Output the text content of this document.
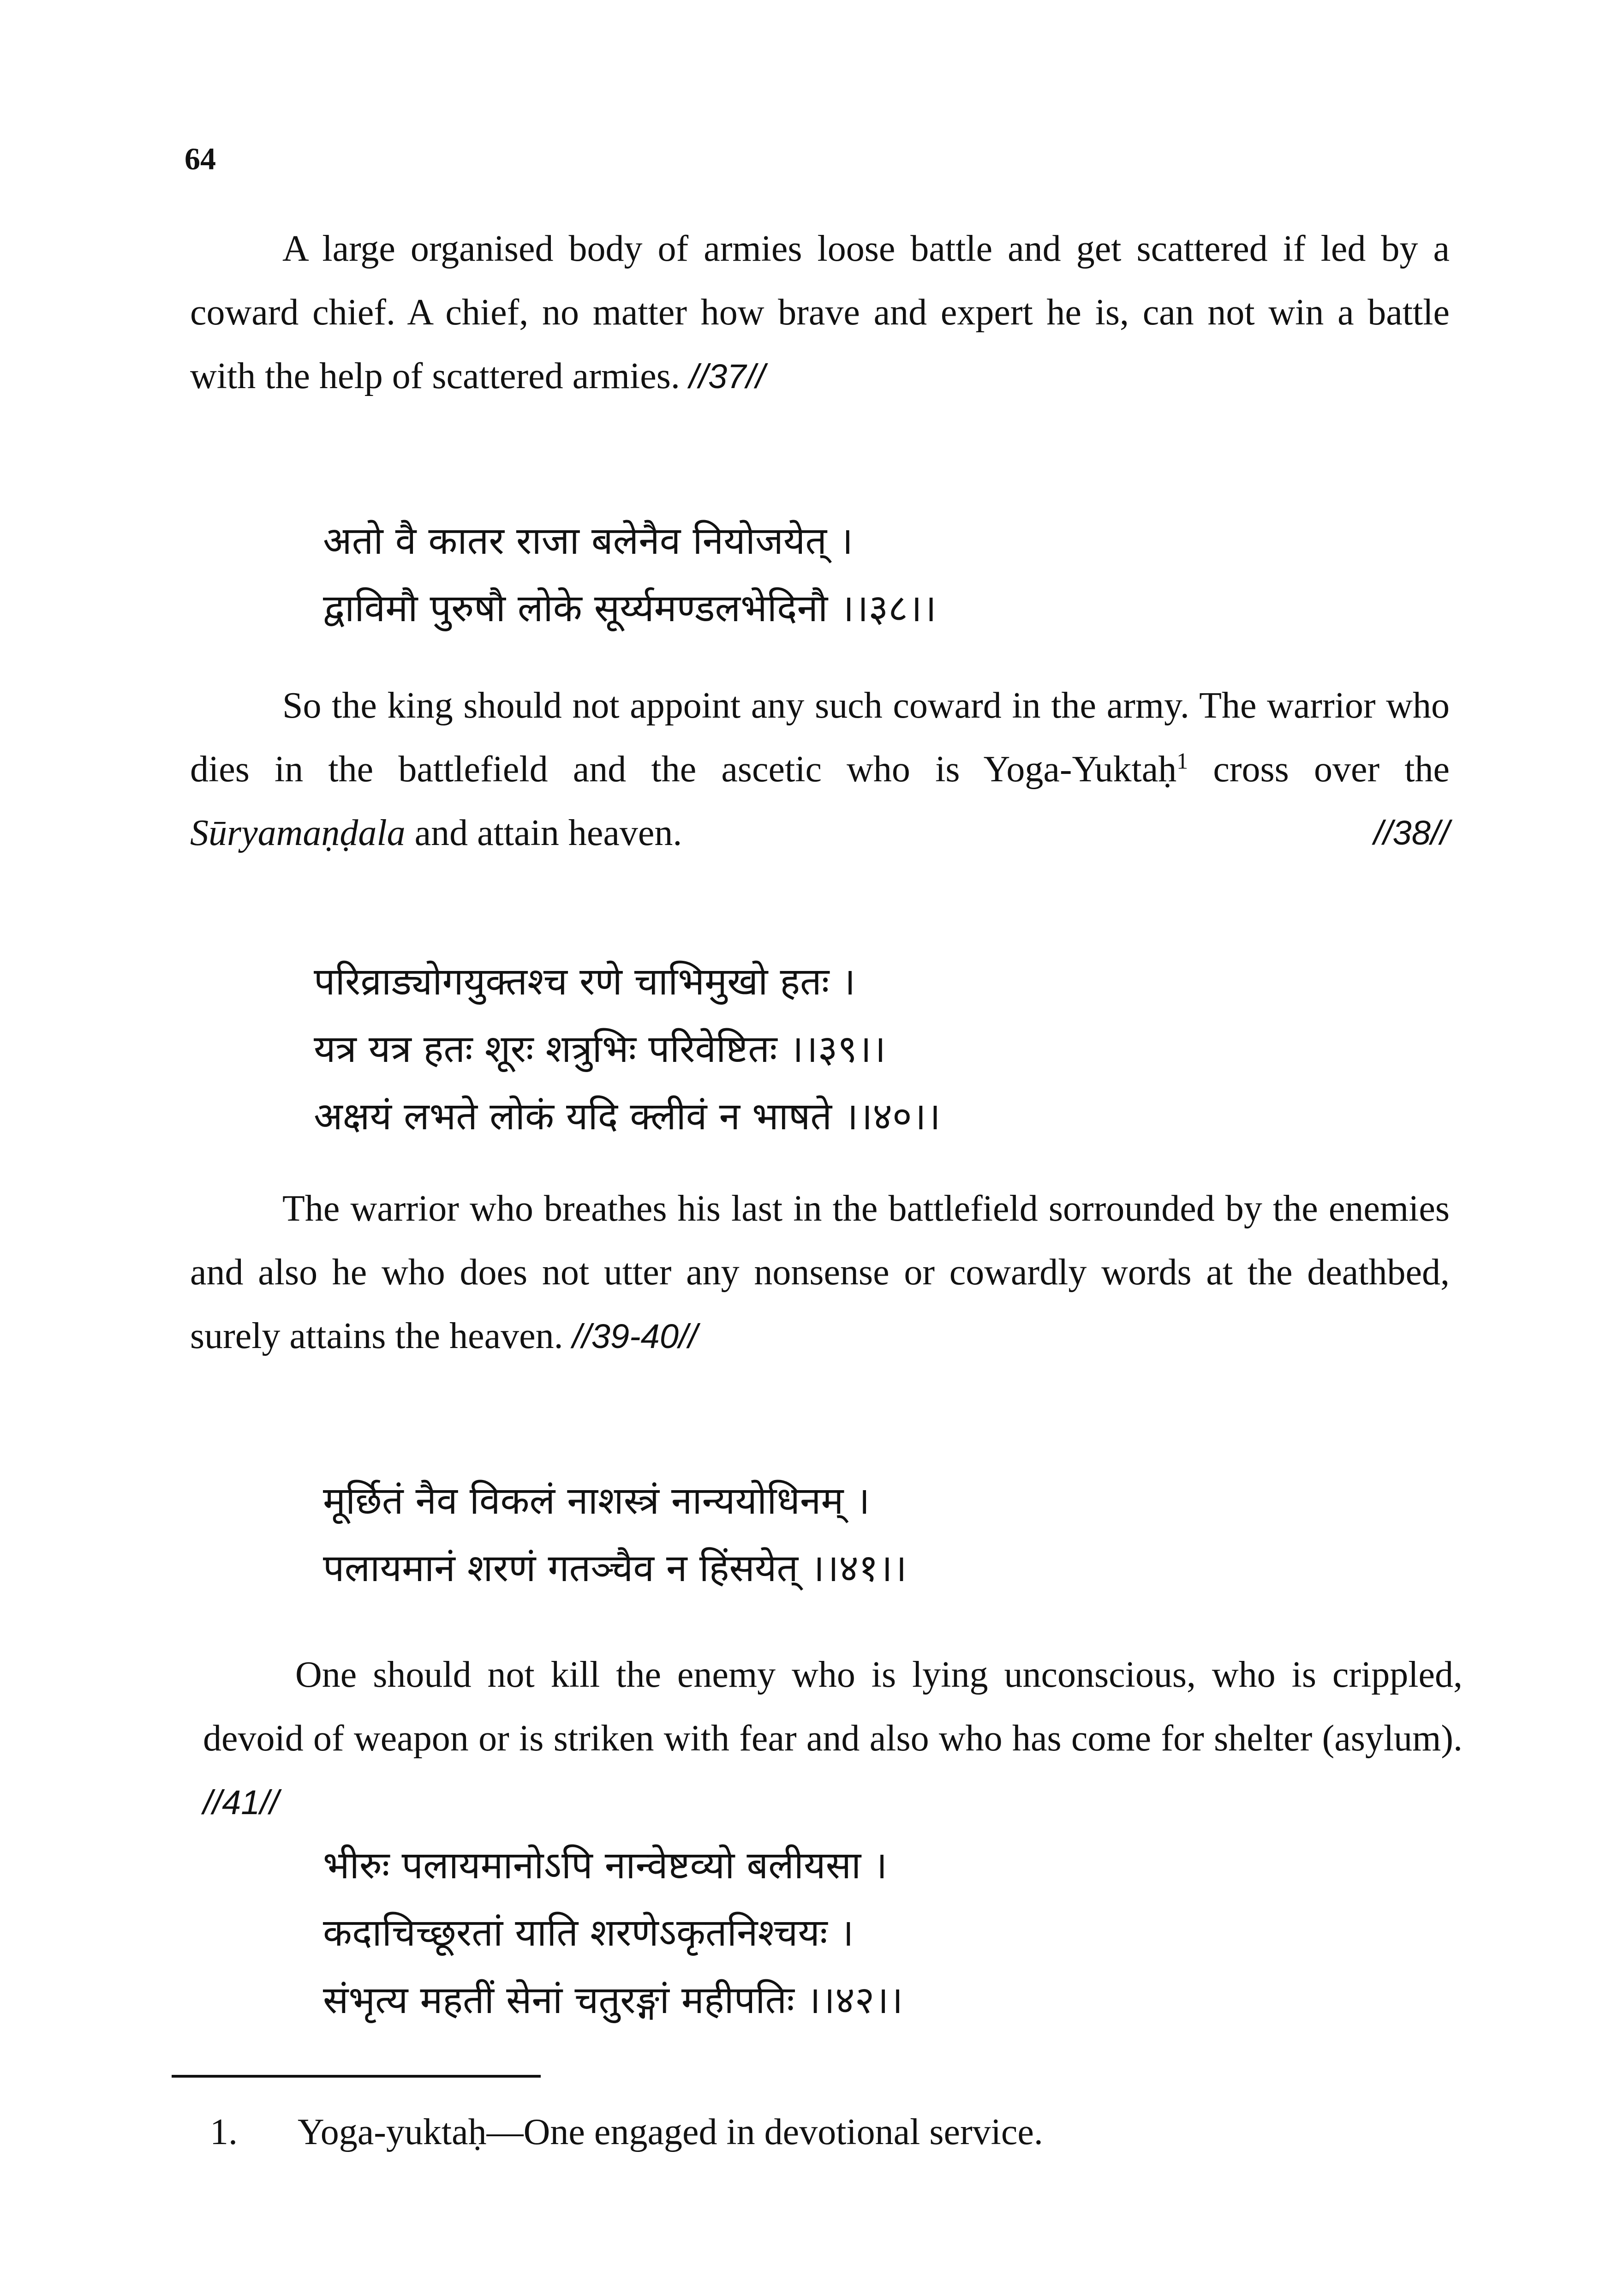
64

A large organised body of armies loose battle and get scattered if led by a coward chief. A chief, no matter how brave and expert he is, can not win a battle with the help of scattered armies. //37//

अतो वै कातर राजा बलेनैव नियोजयेत् ।
द्वाविमौ पुरुषौ लोके सूर्य्यमण्डलभेदिनौ ।।३८।।

So the king should not appoint any such coward in the army. The warrior who dies in the battlefield and the ascetic who is Yoga-Yuktaḥ$^1$ cross over the Sūryamaṇḍala and attain heaven.	//38//

परिव्राड्योगयुक्तश्च रणे चाभिमुखो हतः ।
यत्र यत्र हतः शूरः शत्रुभिः परिवेष्टितः ।।३९।।
अक्षयं लभते लोकं यदि क्लीवं न भाषते ।।४०।।

The warrior who breathes his last in the battlefield sorrounded by the enemies and also he who does not utter any nonsense or cowardly words at the deathbed, surely attains the heaven. //39-40//

मूर्छितं नैव विकलं नाशस्त्रं नान्ययोधिनम् ।
पलायमानं शरणं गतञ्चैव न हिंसयेत् ।।४१।।

One should not kill the enemy who is lying unconscious, who is crippled, devoid of weapon or is striken with fear and also who has come for shelter (asylum). //41//

भीरुः पलायमानोऽपि नान्वेष्टव्यो बलीयसा ।
कदाचिच्छूरतां याति शरणेऽकृतनिश्चयः ।
संभृत्य महतीं सेनां चतुरङ्गां महीपतिः ।।४२।।
1. Yoga-yuktaḥ—One engaged in devotional service.
